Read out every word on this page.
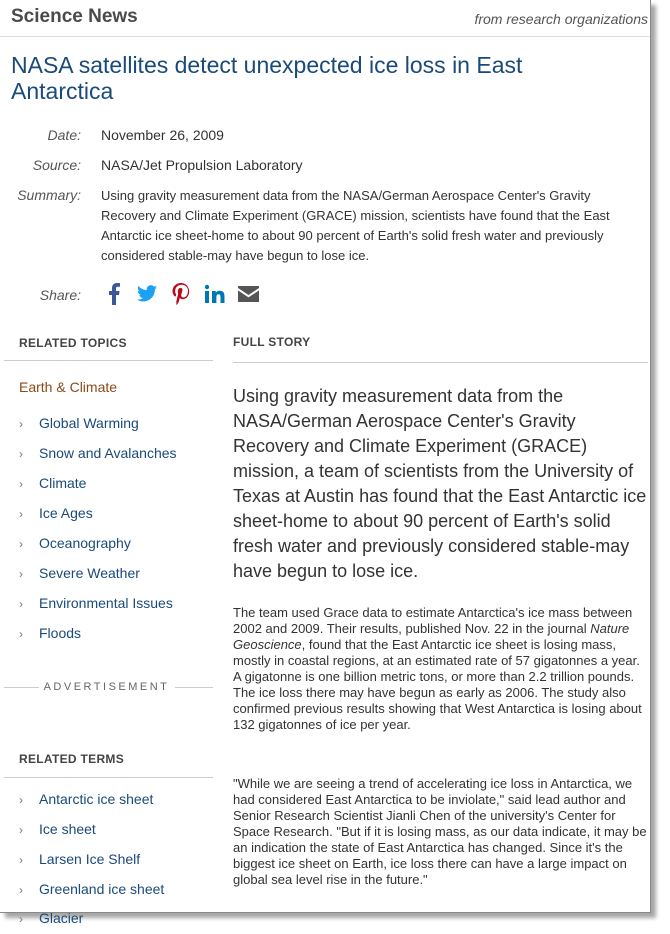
Science News	from research organizations
NASA satellites detect unexpected ice loss in East Antarctica
Date: November 26, 2009
Source: NASA/Jet Propulsion Laboratory
Summary: Using gravity measurement data from the NASA/German Aerospace Center's Gravity Recovery and Climate Experiment (GRACE) mission, scientists have found that the East Antarctic ice sheet-home to about 90 percent of Earth's solid fresh water and previously considered stable-may have begun to lose ice.
Share:
RELATED TOPICS
Earth & Climate
› Global Warming
› Snow and Avalanches
› Climate
› Ice Ages
› Oceanography
› Severe Weather
› Environmental Issues
› Floods
ADVERTISEMENT
RELATED TERMS
› Antarctic ice sheet
› Ice sheet
› Larsen Ice Shelf
› Greenland ice sheet
› Glacier
FULL STORY
Using gravity measurement data from the NASA/German Aerospace Center's Gravity Recovery and Climate Experiment (GRACE) mission, a team of scientists from the University of Texas at Austin has found that the East Antarctic ice sheet-home to about 90 percent of Earth's solid fresh water and previously considered stable-may have begun to lose ice.
The team used Grace data to estimate Antarctica's ice mass between 2002 and 2009. Their results, published Nov. 22 in the journal Nature Geoscience, found that the East Antarctic ice sheet is losing mass, mostly in coastal regions, at an estimated rate of 57 gigatonnes a year. A gigatonne is one billion metric tons, or more than 2.2 trillion pounds. The ice loss there may have begun as early as 2006. The study also confirmed previous results showing that West Antarctica is losing about 132 gigatonnes of ice per year.
"While we are seeing a trend of accelerating ice loss in Antarctica, we had considered East Antarctica to be inviolate," said lead author and Senior Research Scientist Jianli Chen of the university's Center for Space Research. "But if it is losing mass, as our data indicate, it may be an indication the state of East Antarctica has changed. Since it's the biggest ice sheet on Earth, ice loss there can have a large impact on global sea level rise in the future."
